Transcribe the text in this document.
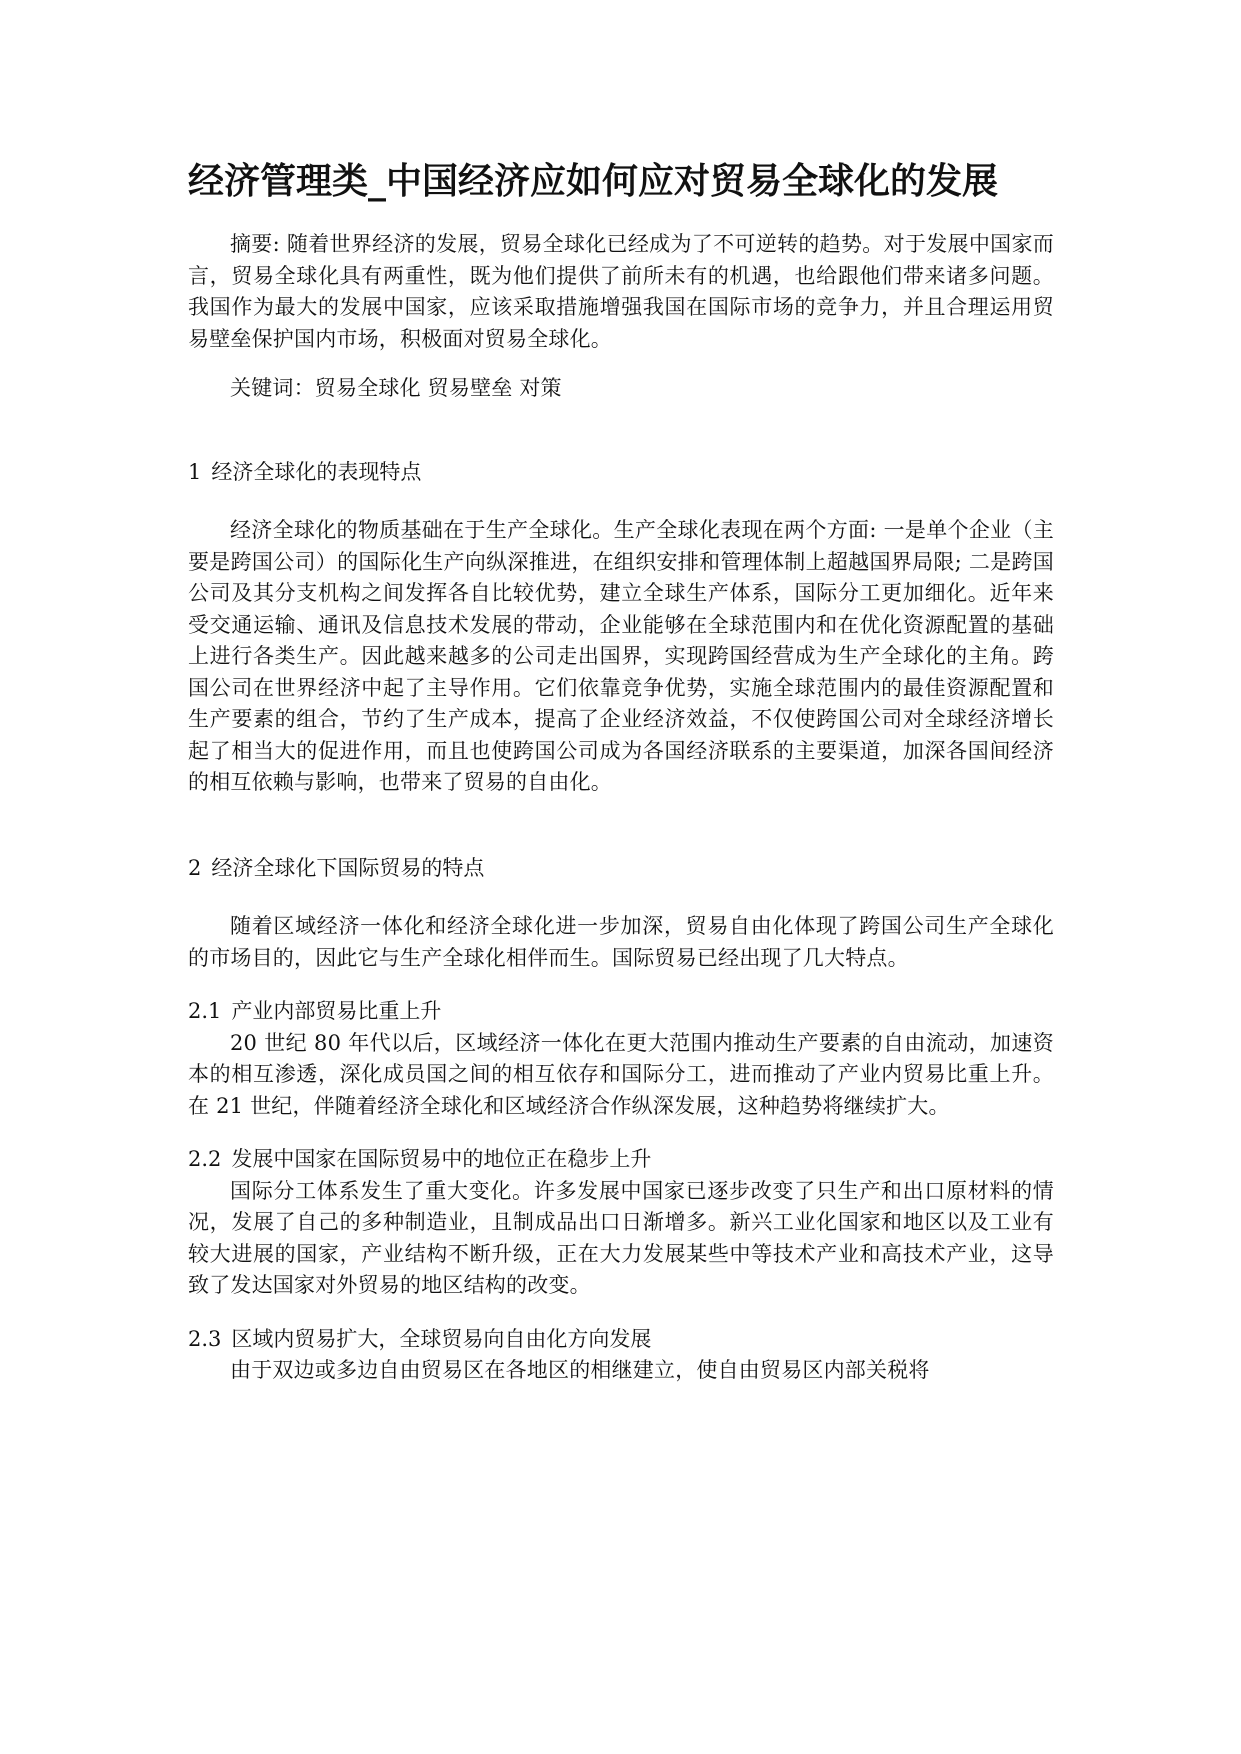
经济管理类_中国经济应如何应对贸易全球化的发展

摘要: 随着世界经济的发展，贸易全球化已经成为了不可逆转的趋势。对于发展中国家而言，贸易全球化具有两重性，既为他们提供了前所未有的机遇，也给跟他们带来诸多问题。我国作为最大的发展中国家，应该采取措施增强我国在国际市场的竞争力，并且合理运用贸易壁垒保护国内市场，积极面对贸易全球化。

关键词：贸易全球化 贸易壁垒 对策

1 经济全球化的表现特点

经济全球化的物质基础在于生产全球化。生产全球化表现在两个方面: 一是单个企业（主要是跨国公司）的国际化生产向纵深推进，在组织安排和管理体制上超越国界局限; 二是跨国公司及其分支机构之间发挥各自比较优势，建立全球生产体系，国际分工更加细化。近年来受交通运输、通讯及信息技术发展的带动，企业能够在全球范围内和在优化资源配置的基础上进行各类生产。因此越来越多的公司走出国界，实现跨国经营成为生产全球化的主角。跨国公司在世界经济中起了主导作用。它们依靠竞争优势，实施全球范围内的最佳资源配置和生产要素的组合，节约了生产成本，提高了企业经济效益，不仅使跨国公司对全球经济增长起了相当大的促进作用，而且也使跨国公司成为各国经济联系的主要渠道，加深各国间经济的相互依赖与影响，也带来了贸易的自由化。

2 经济全球化下国际贸易的特点

随着区域经济一体化和经济全球化进一步加深，贸易自由化体现了跨国公司生产全球化的市场目的，因此它与生产全球化相伴而生。国际贸易已经出现了几大特点。

2.1 产业内部贸易比重上升

20 世纪 80 年代以后，区域经济一体化在更大范围内推动生产要素的自由流动，加速资本的相互渗透，深化成员国之间的相互依存和国际分工，进而推动了产业内贸易比重上升。在 21 世纪，伴随着经济全球化和区域经济合作纵深发展，这种趋势将继续扩大。

2.2 发展中国家在国际贸易中的地位正在稳步上升

国际分工体系发生了重大变化。许多发展中国家已逐步改变了只生产和出口原材料的情况，发展了自己的多种制造业，且制成品出口日渐增多。新兴工业化国家和地区以及工业有较大进展的国家，产业结构不断升级，正在大力发展某些中等技术产业和高技术产业，这导致了发达国家对外贸易的地区结构的改变。

2.3 区域内贸易扩大，全球贸易向自由化方向发展

由于双边或多边自由贸易区在各地区的相继建立，使自由贸易区内部关税将
